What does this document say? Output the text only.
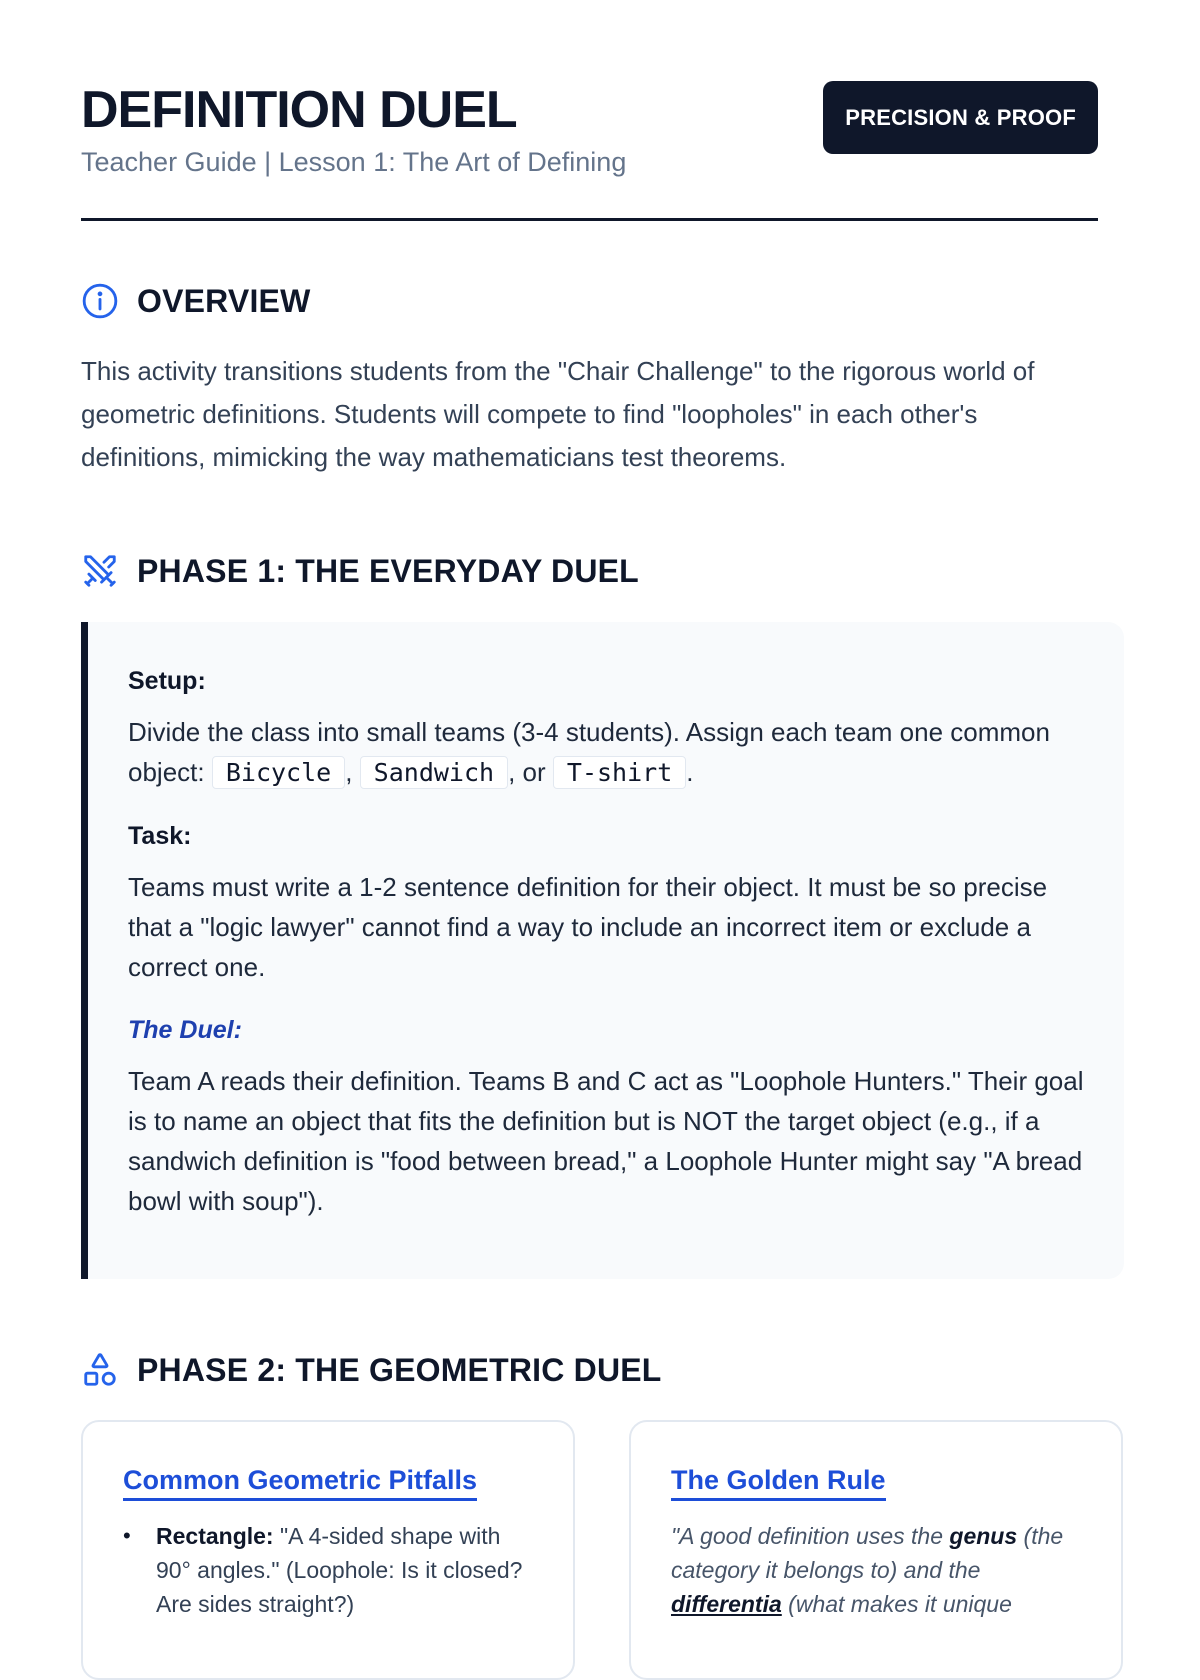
DEFINITION DUEL
Teacher Guide | Lesson 1: The Art of Defining
PRECISION & PROOF
OVERVIEW

This activity transitions students from the "Chair Challenge" to the rigorous world of geometric definitions. Students will compete to find "loopholes" in each other's definitions, mimicking the way mathematicians test theorems.

PHASE 1: THE EVERYDAY DUEL
Setup:

Divide the class into small teams (3-4 students). Assign each team one common object: Bicycle , Sandwich , or T-shirt .

Task:

Teams must write a 1-2 sentence definition for their object. It must be so precise that a "logic lawyer" cannot find a way to include an incorrect item or exclude a correct one.

The Duel:

Team A reads their definition. Teams B and C act as "Loophole Hunters." Their goal is to name an object that fits the definition but is NOT the target object (e.g., if a sandwich definition is "food between bread," a Loophole Hunter might say "A bread bowl with soup").

PHASE 2: THE GEOMETRIC DUEL
Common Geometric Pitfalls
• Rectangle: "A 4-sided shape with 90° angles." (Loophole: Is it closed? Are sides straight?)
The Golden Rule

"A good definition uses the genus (the category it belongs to) and the differentia (what makes it unique
